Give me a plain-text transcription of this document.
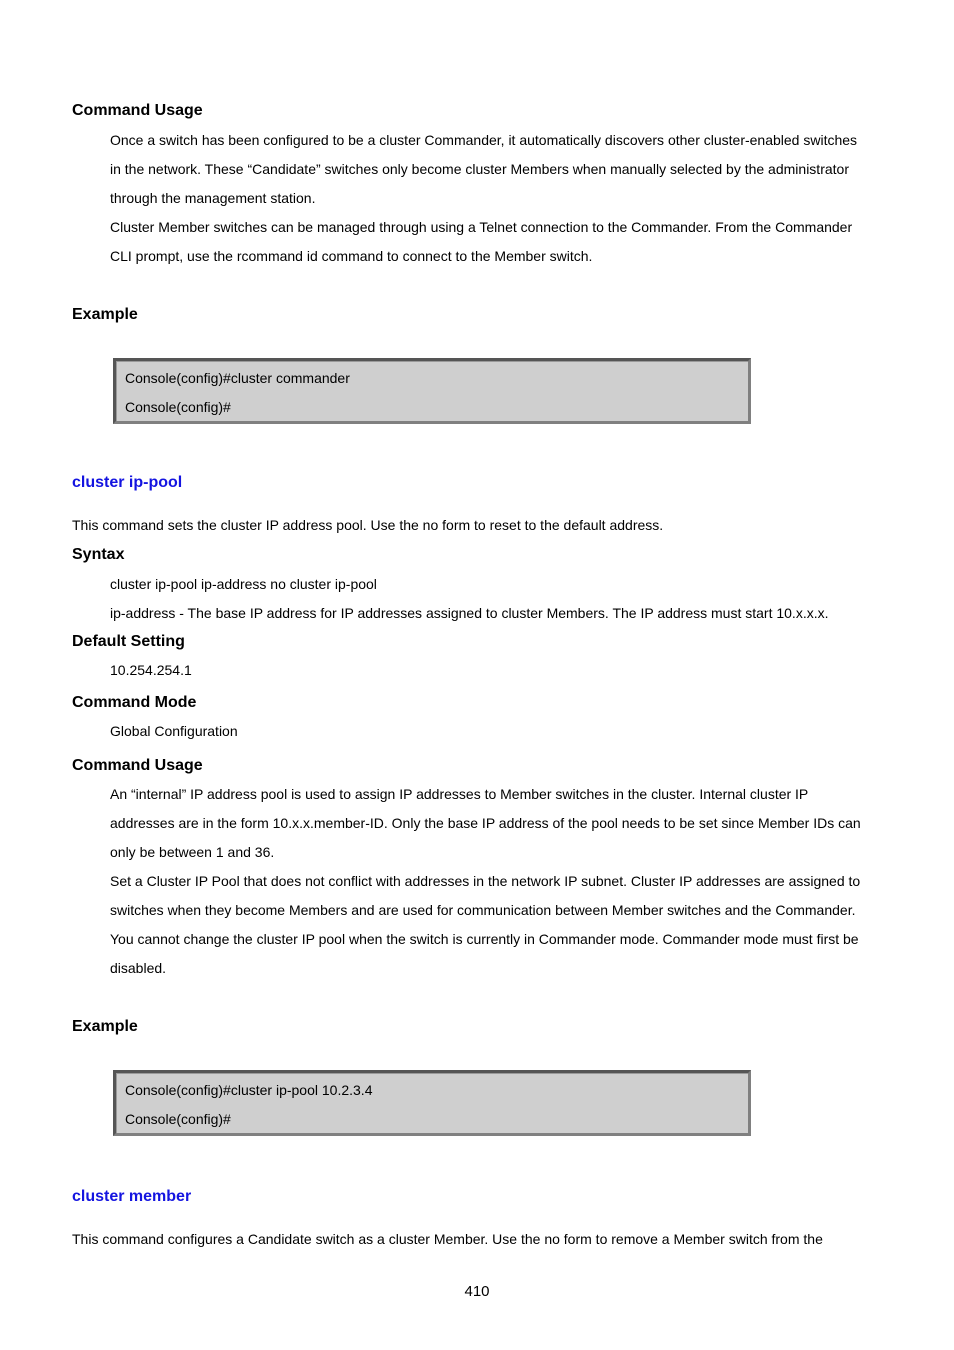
Command Usage

Once a switch has been configured to be a cluster Commander, it automatically discovers other cluster-enabled switches

in the network. These “Candidate” switches only become cluster Members when manually selected by the administrator

through the management station.

Cluster Member switches can be managed through using a Telnet connection to the Commander. From the Commander

CLI prompt, use the rcommand id command to connect to the Member switch.

Example
Console(config)#cluster commander
Console(config)#
cluster ip-pool
This command sets the cluster IP address pool. Use the no form to reset to the default address.
Syntax

cluster ip-pool ip-address no cluster ip-pool

ip-address - The base IP address for IP addresses assigned to cluster Members. The IP address must start 10.x.x.x.

Default Setting
10.254.254.1
Command Mode
Global Configuration
Command Usage

An “internal” IP address pool is used to assign IP addresses to Member switches in the cluster. Internal cluster IP

addresses are in the form 10.x.x.member-ID. Only the base IP address of the pool needs to be set since Member IDs can

only be between 1 and 36.

Set a Cluster IP Pool that does not conflict with addresses in the network IP subnet. Cluster IP addresses are assigned to

switches when they become Members and are used for communication between Member switches and the Commander.

You cannot change the cluster IP pool when the switch is currently in Commander mode. Commander mode must first be

disabled.

Example
Console(config)#cluster ip-pool 10.2.3.4
Console(config)#
cluster member
This command configures a Candidate switch as a cluster Member. Use the no form to remove a Member switch from the
410
